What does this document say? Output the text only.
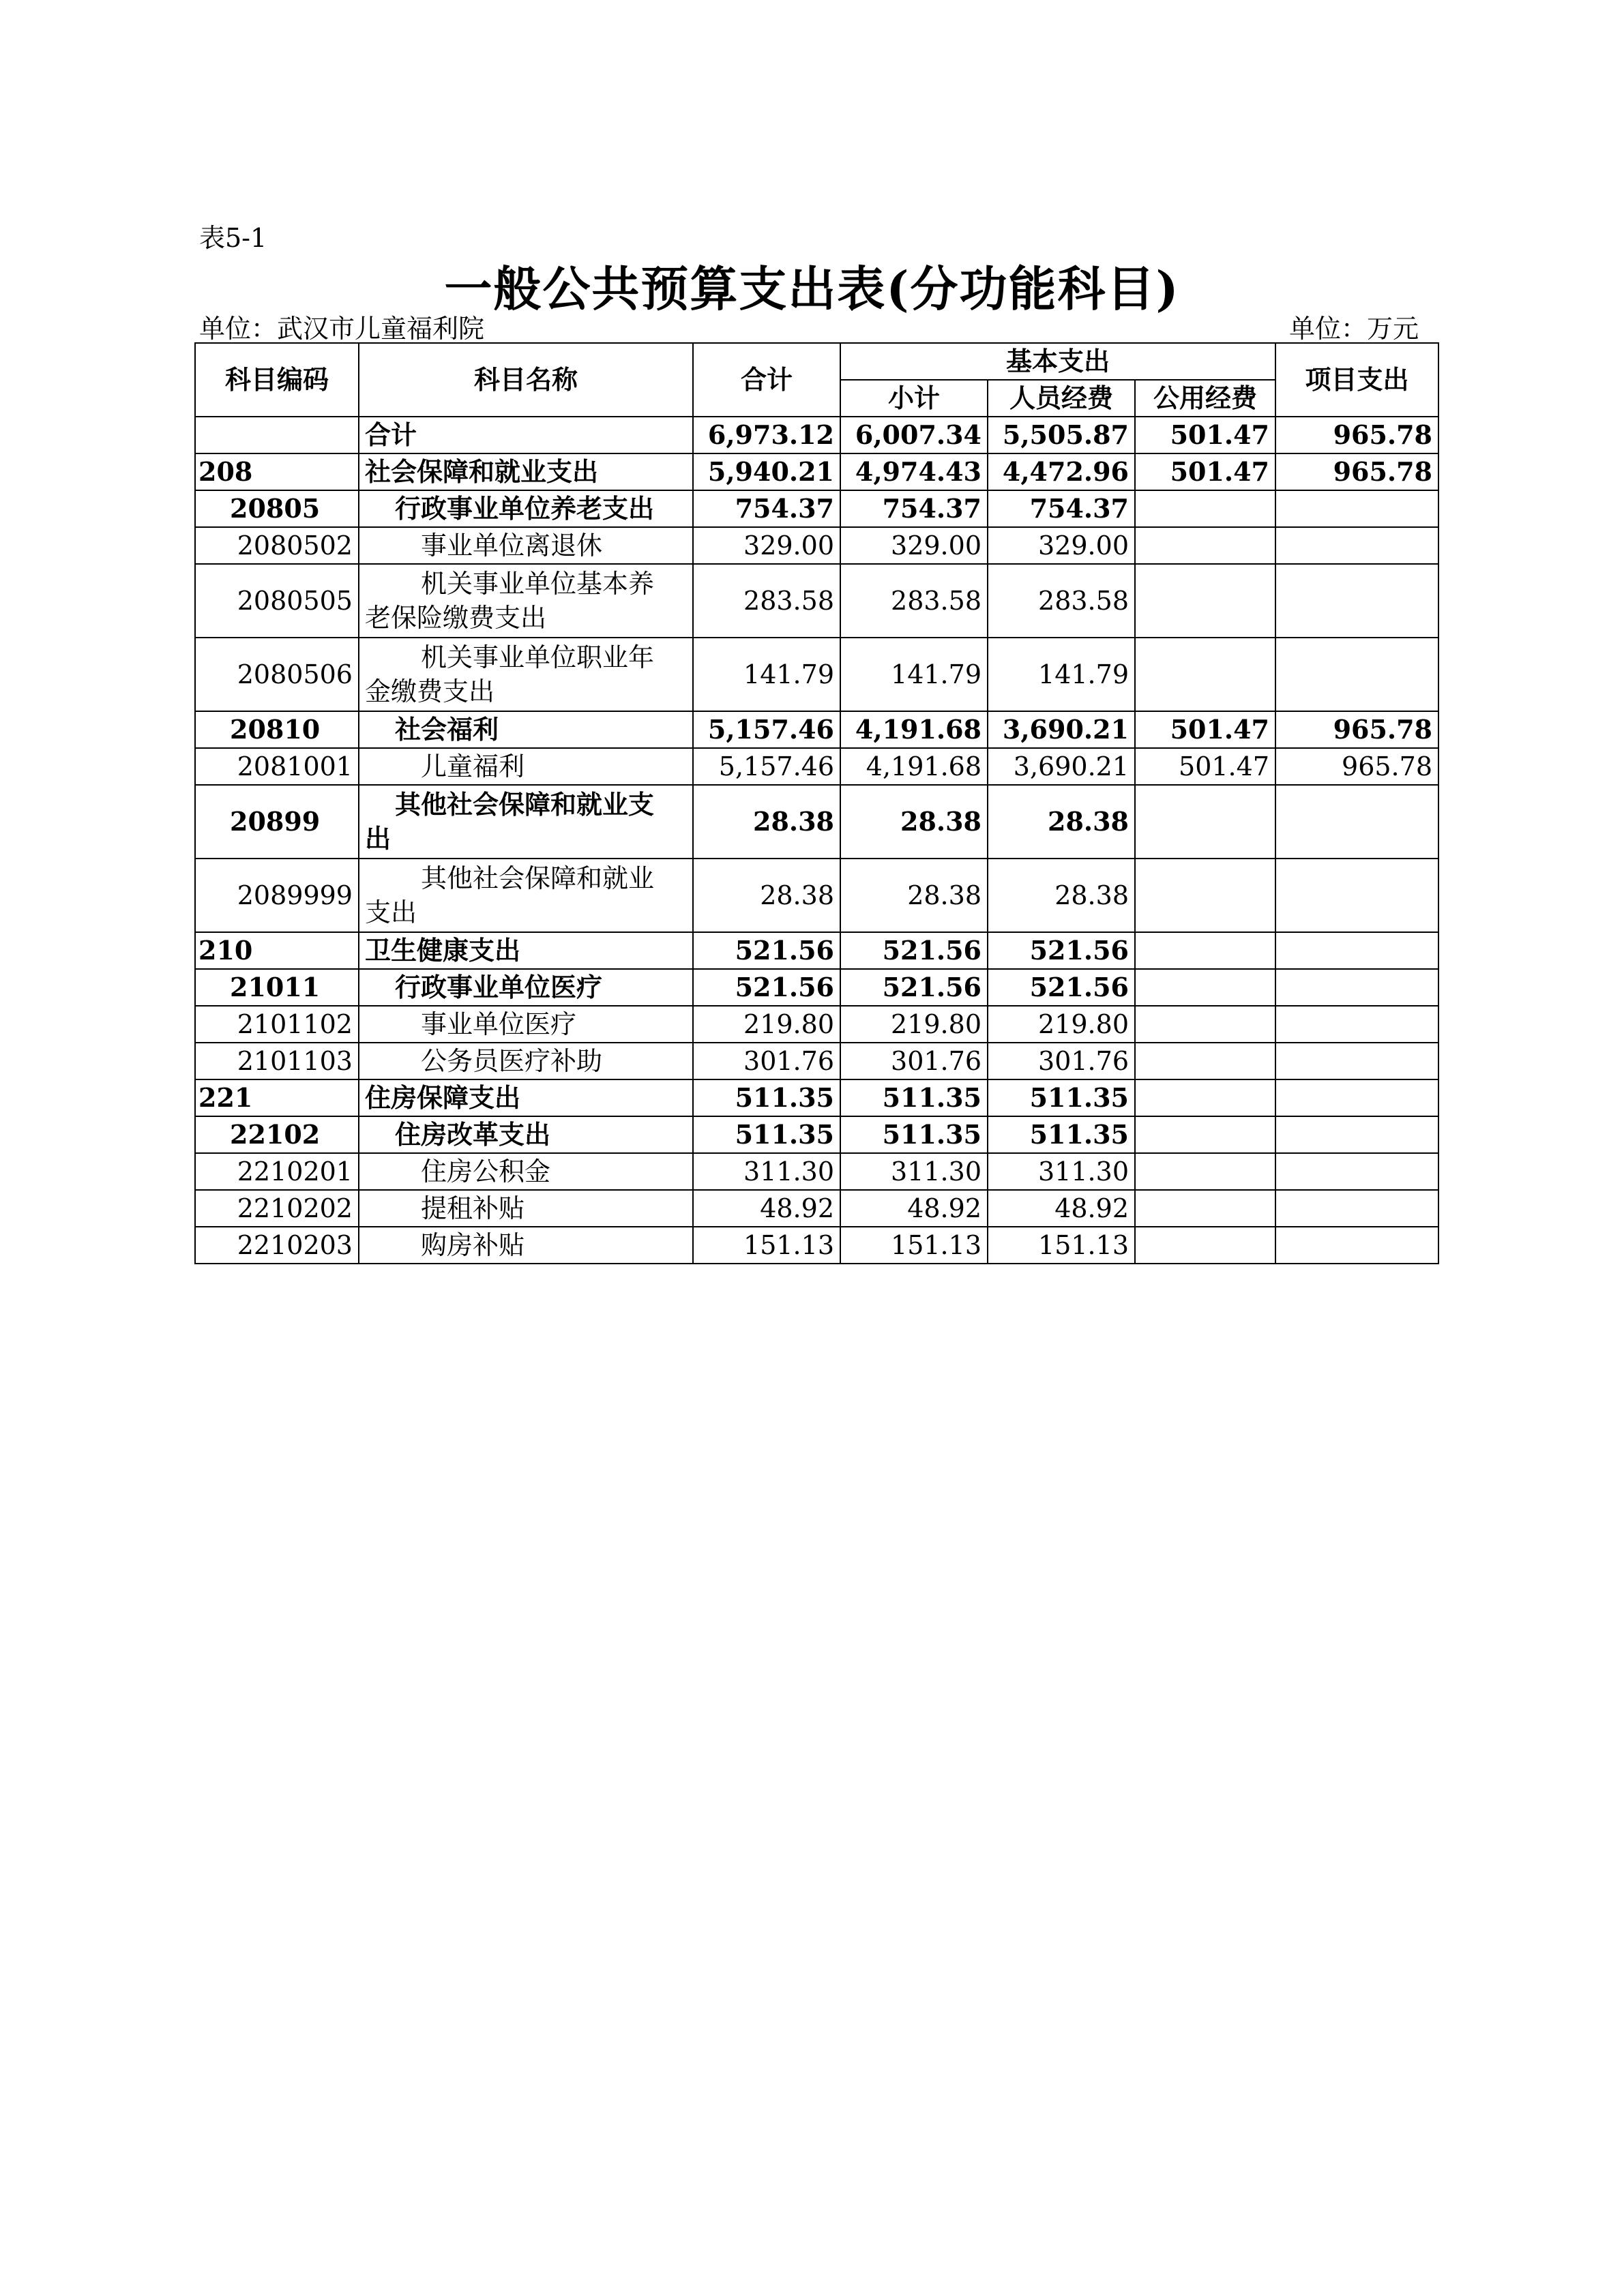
表5-1
一般公共预算支出表(分功能科目)
单位：武汉市儿童福利院	单位：万元
科目编码	科目名称	合计	基本支出			项目支出
			小计	人员经费	公用经费	
	合计	6,973.12	6,007.34	5,505.87	501.47	965.78
208	社会保障和就业支出	5,940.21	4,974.43	4,472.96	501.47	965.78
20805	行政事业单位养老支出	754.37	754.37	754.37		
2080502	事业单位离退休	329.00	329.00	329.00		
2080505	机关事业单位基本养
老保险缴费支出	283.58	283.58	283.58		
2080506	机关事业单位职业年
金缴费支出	141.79	141.79	141.79		
20810	社会福利	5,157.46	4,191.68	3,690.21	501.47	965.78
2081001	儿童福利	5,157.46	4,191.68	3,690.21	501.47	965.78
20899	其他社会保障和就业支
出	28.38	28.38	28.38		
2089999	其他社会保障和就业
支出	28.38	28.38	28.38		
210	卫生健康支出	521.56	521.56	521.56		
21011	行政事业单位医疗	521.56	521.56	521.56		
2101102	事业单位医疗	219.80	219.80	219.80		
2101103	公务员医疗补助	301.76	301.76	301.76		
221	住房保障支出	511.35	511.35	511.35		
22102	住房改革支出	511.35	511.35	511.35		
2210201	住房公积金	311.30	311.30	311.30		
2210202	提租补贴	48.92	48.92	48.92		
2210203	购房补贴	151.13	151.13	151.13		
